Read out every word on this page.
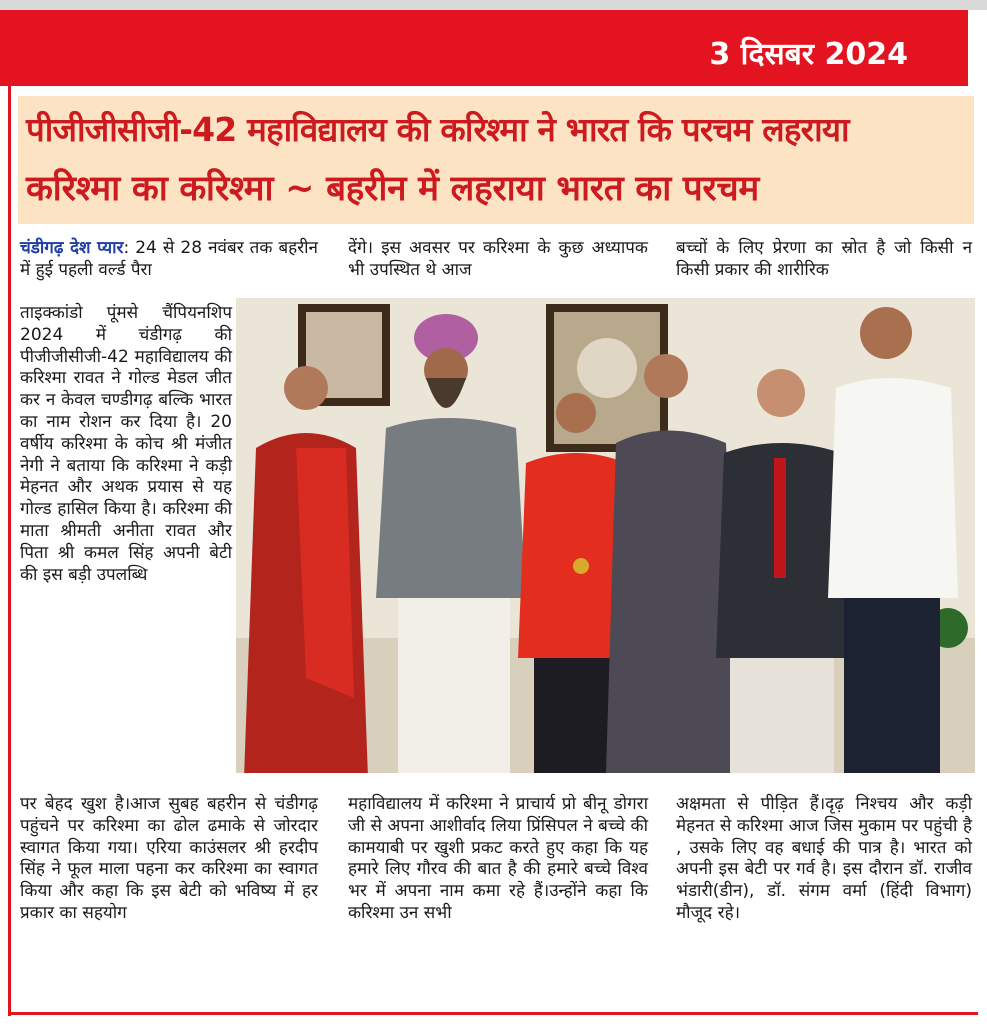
3 दिसबर 2024
पीजीजीसीजी-42 महाविद्यालय की करिश्मा ने भारत कि परचम लहराया
करिश्मा का करिश्मा ~ बहरीन में लहराया भारत का परचम

चंडीगढ़ देश प्यार: 24 से 28 नवंबर तक बहरीन में हुई पहली वर्ल्ड पैरा

ताइक्कांडो पूंमसे चैंपियनशिप 2024 में चंडीगढ़ की पीजीजीसीजी-42 महाविद्यालय की करिश्मा रावत ने गोल्ड मेडल जीत कर न केवल चण्डीगढ़ बल्कि भारत का नाम रोशन कर दिया है। 20 वर्षीय करिश्मा के कोच श्री मंजीत नेगी ने बताया कि करिश्मा ने कड़ी मेहनत और अथक प्रयास से यह गोल्ड हासिल किया है। करिश्मा की माता श्रीमती अनीता रावत और पिता श्री कमल सिंह अपनी बेटी की इस बड़ी उपलब्धि

पर बेहद खुश है।आज सुबह बहरीन से चंडीगढ़ पहुंचने पर करिश्मा का ढोल ढमाके से जोरदार स्वागत किया गया। एरिया काउंसलर श्री हरदीप सिंह ने फूल माला पहना कर करिश्मा का स्वागत किया और कहा कि इस बेटी को भविष्य में हर प्रकार का सहयोग

देंगे। इस अवसर पर करिश्मा के कुछ अध्यापक भी उपस्थित थे आज

महाविद्यालय में करिश्मा ने प्राचार्य प्रो बीनू डोगरा जी से अपना आशीर्वाद लिया प्रिंसिपल ने बच्चे की कामयाबी पर खुशी प्रकट करते हुए कहा कि यह हमारे लिए गौरव की बात है की हमारे बच्चे विश्व भर में अपना नाम कमा रहे हैं।उन्होंने कहा कि करिश्मा उन सभी

बच्चों के लिए प्रेरणा का स्रोत है जो किसी न किसी प्रकार की शारीरिक

अक्षमता से पीड़ित हैं।दृढ़ निश्चय और कड़ी मेहनत से करिश्मा आज जिस मुकाम पर पहुंची है , उसके लिए वह बधाई की पात्र है। भारत को अपनी इस बेटी पर गर्व है। इस दौरान डॉ. राजीव भंडारी(डीन), डॉ. संगम वर्मा (हिंदी विभाग) मौजूद रहे।
